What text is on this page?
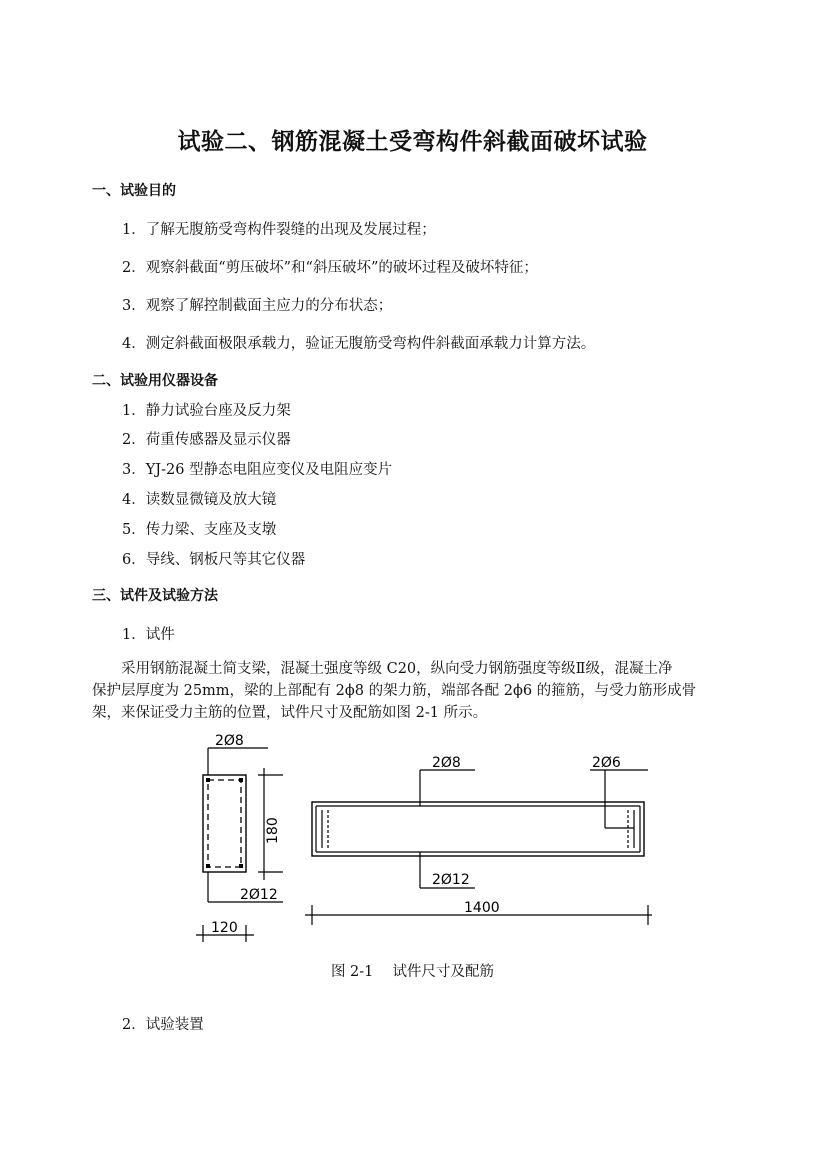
试验二、钢筋混凝土受弯构件斜截面破坏试验
一、试验目的
1．了解无腹筋受弯构件裂缝的出现及发展过程；
2．观察斜截面“剪压破坏”和“斜压破坏”的破坏过程及破坏特征；
3．观察了解控制截面主应力的分布状态；
4．测定斜截面极限承载力，验证无腹筋受弯构件斜截面承载力计算方法。
二、试验用仪器设备
1．静力试验台座及反力架
2．荷重传感器及显示仪器
3．YJ-26 型静态电阻应变仪及电阻应变片
4．读数显微镜及放大镜
5．传力梁、支座及支墩
6．导线、钢板尺等其它仪器
三、试件及试验方法
1．试件
采用钢筋混凝土简支梁，混凝土强度等级 C20，纵向受力钢筋强度等级Ⅱ级，混凝土净
保护层厚度为 25mm，梁的上部配有 2ϕ8 的架力筋，端部各配 2ϕ6 的箍筋，与受力筋形成骨
架，来保证受力主筋的位置，试件尺寸及配筋如图 2-1 所示。
2Ø8
180
2Ø12
120
2Ø8	2Ø6
2Ø12
1400
图 2-1　 试件尺寸及配筋
2．试验装置
